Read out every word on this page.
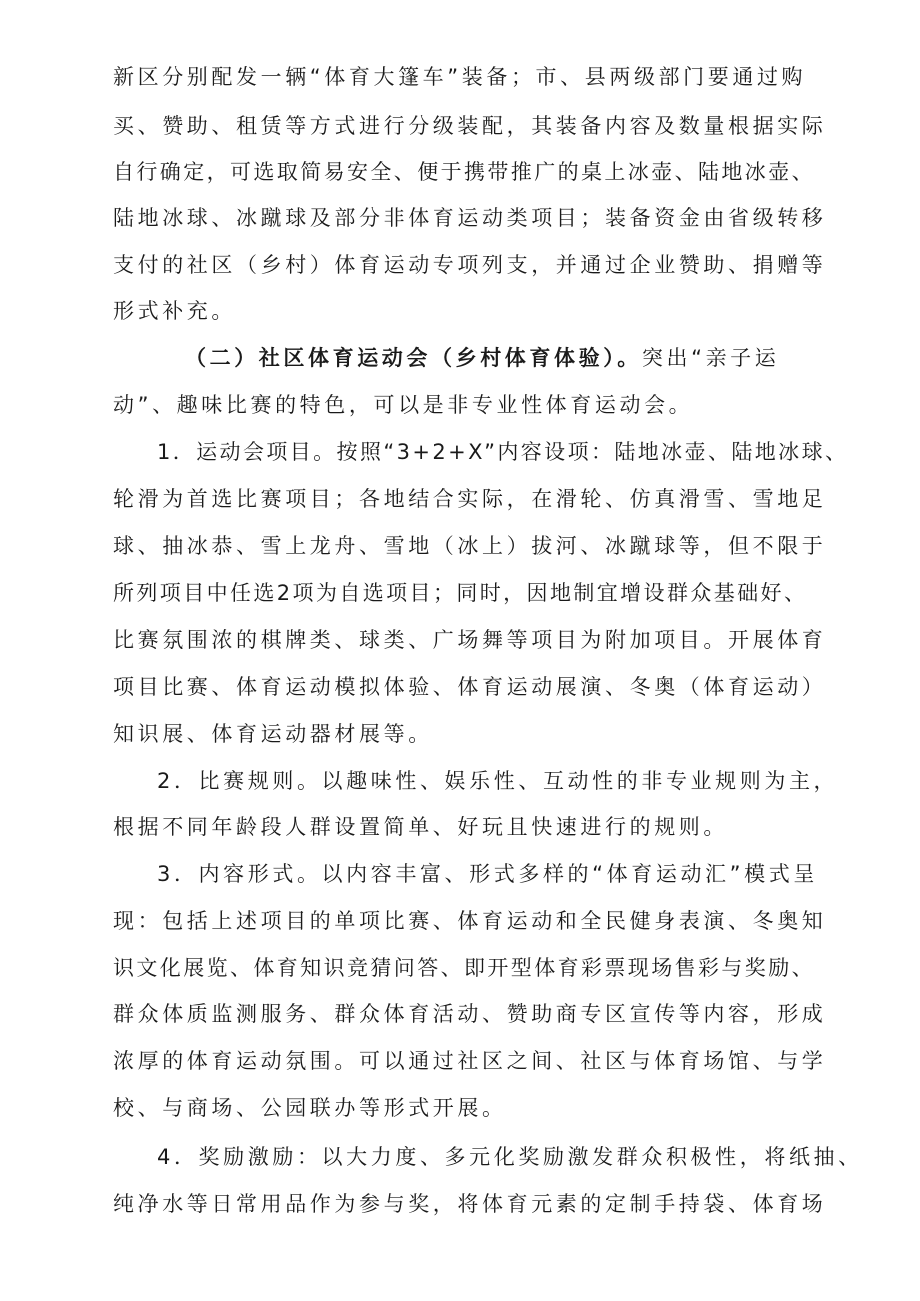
新区分别配发一辆“体育大篷车”装备；市、县两级部门要通过购
买、赞助、租赁等方式进行分级装配，其装备内容及数量根据实际
自行确定，可选取简易安全、便于携带推广的桌上冰壶、陆地冰壶、
陆地冰球、冰蹴球及部分非体育运动类项目；装备资金由省级转移
支付的社区（乡村）体育运动专项列支，并通过企业赞助、捐赠等
形式补充。
（二）社区体育运动会（乡村体育体验）。突出“亲子运
动”、趣味比赛的特色，可以是非专业性体育运动会。
1．运动会项目。按照“3+2+X”内容设项：陆地冰壶、陆地冰球、
轮滑为首选比赛项目；各地结合实际，在滑轮、仿真滑雪、雪地足
球、抽冰恭、雪上龙舟、雪地（冰上）拔河、冰蹴球等，但不限于
所列项目中任选2项为自选项目；同时，因地制宜增设群众基础好、
比赛氛围浓的棋牌类、球类、广场舞等项目为附加项目。开展体育
项目比赛、体育运动模拟体验、体育运动展演、冬奥（体育运动）
知识展、体育运动器材展等。
2．比赛规则。以趣味性、娱乐性、互动性的非专业规则为主，
根据不同年龄段人群设置简单、好玩且快速进行的规则。
3．内容形式。以内容丰富、形式多样的“体育运动汇”模式呈
现：包括上述项目的单项比赛、体育运动和全民健身表演、冬奥知
识文化展览、体育知识竞猜问答、即开型体育彩票现场售彩与奖励、
群众体质监测服务、群众体育活动、赞助商专区宣传等内容，形成
浓厚的体育运动氛围。可以通过社区之间、社区与体育场馆、与学
校、与商场、公园联办等形式开展。
4．奖励激励：以大力度、多元化奖励激发群众积极性，将纸抽、
纯净水等日常用品作为参与奖，将体育元素的定制手持袋、体育场
